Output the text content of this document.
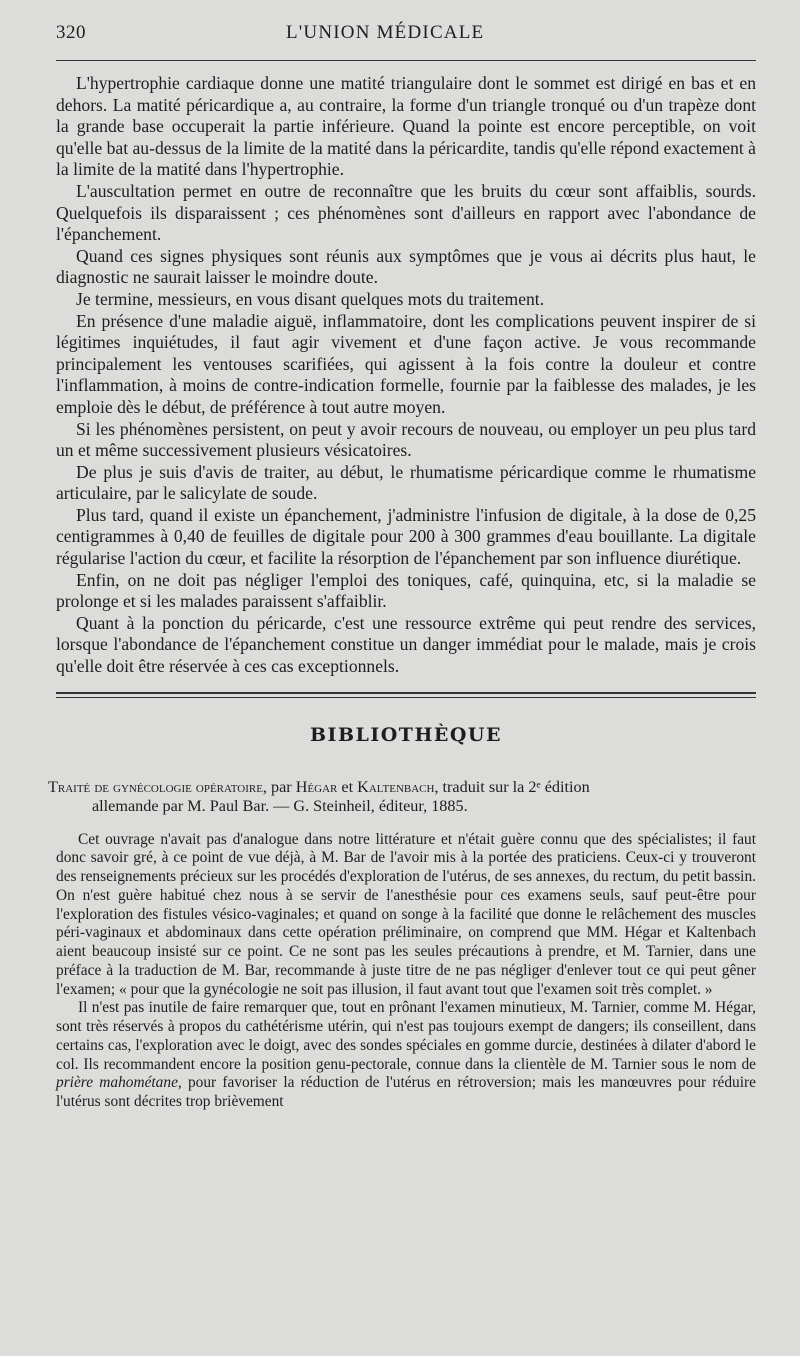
320	L'UNION MÉDICALE

L'hypertrophie cardiaque donne une matité triangulaire dont le sommet est dirigé en bas et en dehors. La matité péricardique a, au contraire, la forme d'un triangle tronqué ou d'un trapèze dont la grande base occuperait la partie inférieure. Quand la pointe est encore perceptible, on voit qu'elle bat au-dessus de la limite de la matité dans la péricardite, tandis qu'elle répond exactement à la limite de la matité dans l'hypertrophie.

L'auscultation permet en outre de reconnaître que les bruits du cœur sont affaiblis, sourds. Quelquefois ils disparaissent ; ces phénomènes sont d'ailleurs en rapport avec l'abondance de l'épanchement.

Quand ces signes physiques sont réunis aux symptômes que je vous ai décrits plus haut, le diagnostic ne saurait laisser le moindre doute.

Je termine, messieurs, en vous disant quelques mots du traitement.

En présence d'une maladie aiguë, inflammatoire, dont les complications peuvent inspirer de si légitimes inquiétudes, il faut agir vivement et d'une façon active. Je vous recommande principalement les ventouses scarifiées, qui agissent à la fois contre la douleur et contre l'inflammation, à moins de contre-indication formelle, fournie par la faiblesse des malades, je les emploie dès le début, de préférence à tout autre moyen.

Si les phénomènes persistent, on peut y avoir recours de nouveau, ou employer un peu plus tard un et même successivement plusieurs vésicatoires.

De plus je suis d'avis de traiter, au début, le rhumatisme péricardique comme le rhumatisme articulaire, par le salicylate de soude.

Plus tard, quand il existe un épanchement, j'administre l'infusion de digitale, à la dose de 0,25 centigrammes à 0,40 de feuilles de digitale pour 200 à 300 grammes d'eau bouillante. La digitale régularise l'action du cœur, et facilite la résorption de l'épanchement par son influence diurétique.

Enfin, on ne doit pas négliger l'emploi des toniques, café, quinquina, etc, si la maladie se prolonge et si les malades paraissent s'affaiblir.

Quant à la ponction du péricarde, c'est une ressource extrême qui peut rendre des services, lorsque l'abondance de l'épanchement constitue un danger immédiat pour le malade, mais je crois qu'elle doit être réservée à ces cas exceptionnels.

BIBLIOTHÈQUE
Traité de gynécologie opératoire, par Hégar et Kaltenbach, traduit sur la 2ᵉ édition
allemande par M. Paul Bar. — G. Steinheil, éditeur, 1885.

Cet ouvrage n'avait pas d'analogue dans notre littérature et n'était guère connu que des spécialistes; il faut donc savoir gré, à ce point de vue déjà, à M. Bar de l'avoir mis à la portée des praticiens. Ceux-ci y trouveront des renseignements précieux sur les procédés d'exploration de l'utérus, de ses annexes, du rectum, du petit bassin. On n'est guère habitué chez nous à se servir de l'anesthésie pour ces examens seuls, sauf peut-être pour l'exploration des fistules vésico-vaginales; et quand on songe à la facilité que donne le relâchement des muscles péri-vaginaux et abdominaux dans cette opération préliminaire, on comprend que MM. Hégar et Kaltenbach aient beaucoup insisté sur ce point. Ce ne sont pas les seules précautions à prendre, et M. Tarnier, dans une préface à la traduction de M. Bar, recommande à juste titre de ne pas négliger d'enlever tout ce qui peut gêner l'examen; « pour que la gynécologie ne soit pas illusion, il faut avant tout que l'examen soit très complet. »

Il n'est pas inutile de faire remarquer que, tout en prônant l'examen minutieux, M. Tarnier, comme M. Hégar, sont très réservés à propos du cathétérisme utérin, qui n'est pas toujours exempt de dangers; ils conseillent, dans certains cas, l'exploration avec le doigt, avec des sondes spéciales en gomme durcie, destinées à dilater d'abord le col. Ils recommandent encore la position genu-pectorale, connue dans la clientèle de M. Tarnier sous le nom de prière mahométane, pour favoriser la réduction de l'utérus en rétroversion; mais les manœuvres pour réduire l'utérus sont décrites trop brièvement
